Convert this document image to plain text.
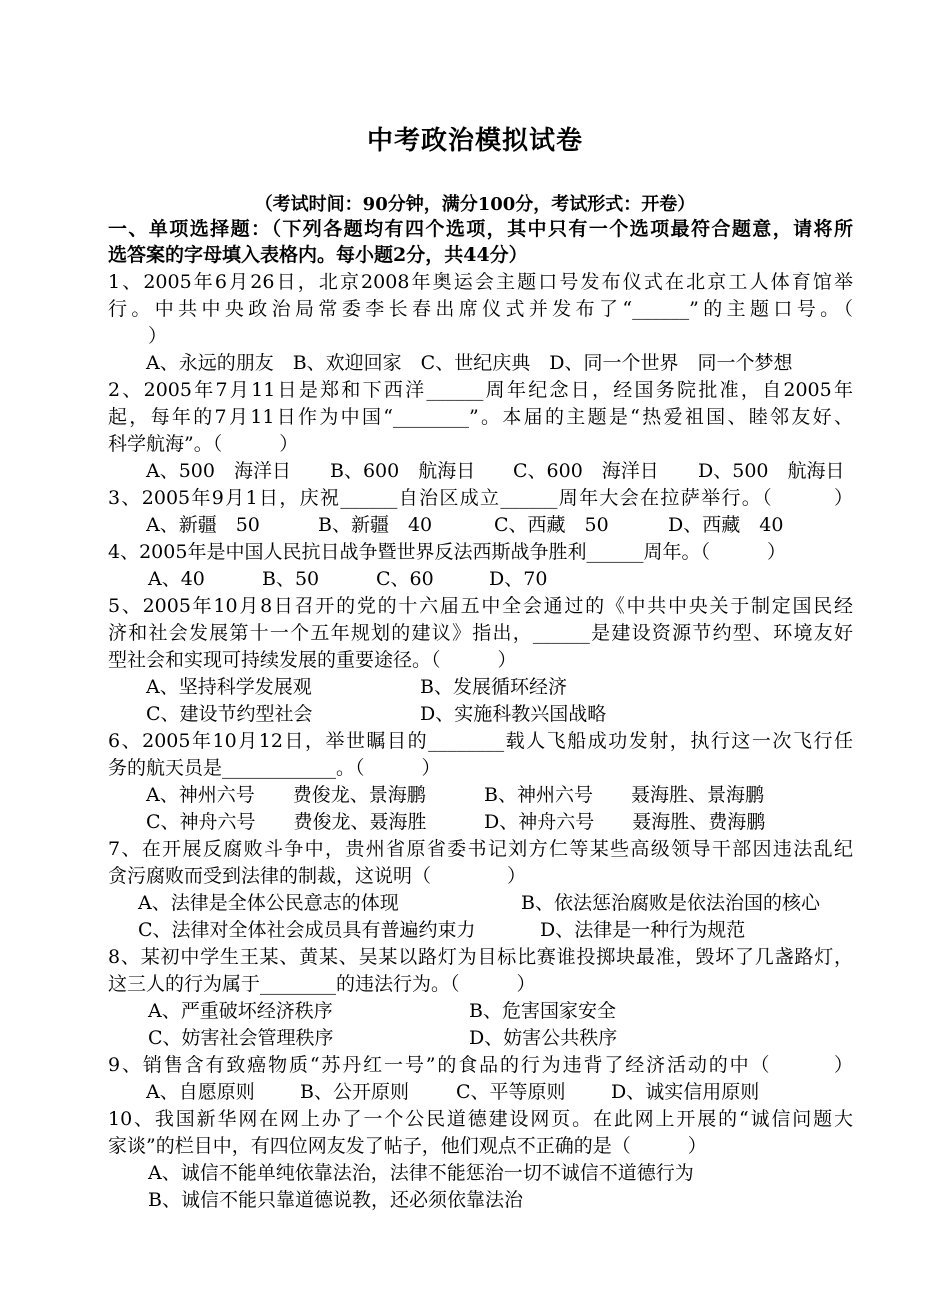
中考政治模拟试卷
（考试时间：90分钟，满分100分，考试形式：开卷）
一、单项选择题：（下列各题均有四个选项，其中只有一个选项最符合题意，请将所
选答案的字母填入表格内。每小题2分，共44分）
1、2005年6月26日，北京2008年奥运会主题口号发布仪式在北京工人体育馆举
行。中共中央政治局常委李长春出席仪式并发布了“______”的主题口号。（
）
A、永远的朋友　B、欢迎回家　C、世纪庆典　D、同一个世界　同一个梦想
2、2005年7月11日是郑和下西洋______周年纪念日，经国务院批准，自2005年
起，每年的7月11日作为中国“________”。本届的主题是“热爱祖国、睦邻友好、
科学航海”。（　　　）
A、500　海洋日 B、600　航海日 C、600　海洋日 D、500　航海日
3、2005年9月1日，庆祝______自治区成立______周年大会在拉萨举行。（　　　）
A、新疆　50	B、新疆　40	C、西藏　50	D、西藏　40
4、2005年是中国人民抗日战争暨世界反法西斯战争胜利______周年。（　　　）
A、40	B、50	C、60	D、70
5、2005年10月8日召开的党的十六届五中全会通过的《中共中央关于制定国民经
济和社会发展第十一个五年规划的建议》指出，______是建设资源节约型、环境友好
型社会和实现可持续发展的重要途径。（　　　）
A、坚持科学发展观	B、发展循环经济
C、建设节约型社会	D、实施科教兴国战略
6、2005年10月12日，举世瞩目的________载人飞船成功发射，执行这一次飞行任
务的航天员是____________。（　　　）
A、神州六号　　费俊龙、景海鹏	B、神州六号　　聂海胜、景海鹏
C、神舟六号　　费俊龙、聂海胜	D、神舟六号　　聂海胜、费海鹏
7、在开展反腐败斗争中，贵州省原省委书记刘方仁等某些高级领导干部因违法乱纪
贪污腐败而受到法律的制裁，这说明（　　　　）
A、法律是全体公民意志的体现	B、依法惩治腐败是依法治国的核心
C、法律对全体社会成员具有普遍约束力	D、法律是一种行为规范
8、某初中学生王某、黄某、吴某以路灯为目标比赛谁投掷块最准，毁坏了几盏路灯，
这三人的行为属于________的违法行为。（　　　）
A、严重破坏经济秩序	B、危害国家安全
C、妨害社会管理秩序	D、妨害公共秩序
9、销售含有致癌物质“苏丹红一号”的食品的行为违背了经济活动的中（　　　）
A、自愿原则 B、公开原则 C、平等原则 D、诚实信用原则
10、我国新华网在网上办了一个公民道德建设网页。在此网上开展的“诚信问题大
家谈”的栏目中，有四位网友发了帖子，他们观点不正确的是（　　　）
A、诚信不能单纯依靠法治，法律不能惩治一切不诚信不道德行为
B、诚信不能只靠道德说教，还必须依靠法治
